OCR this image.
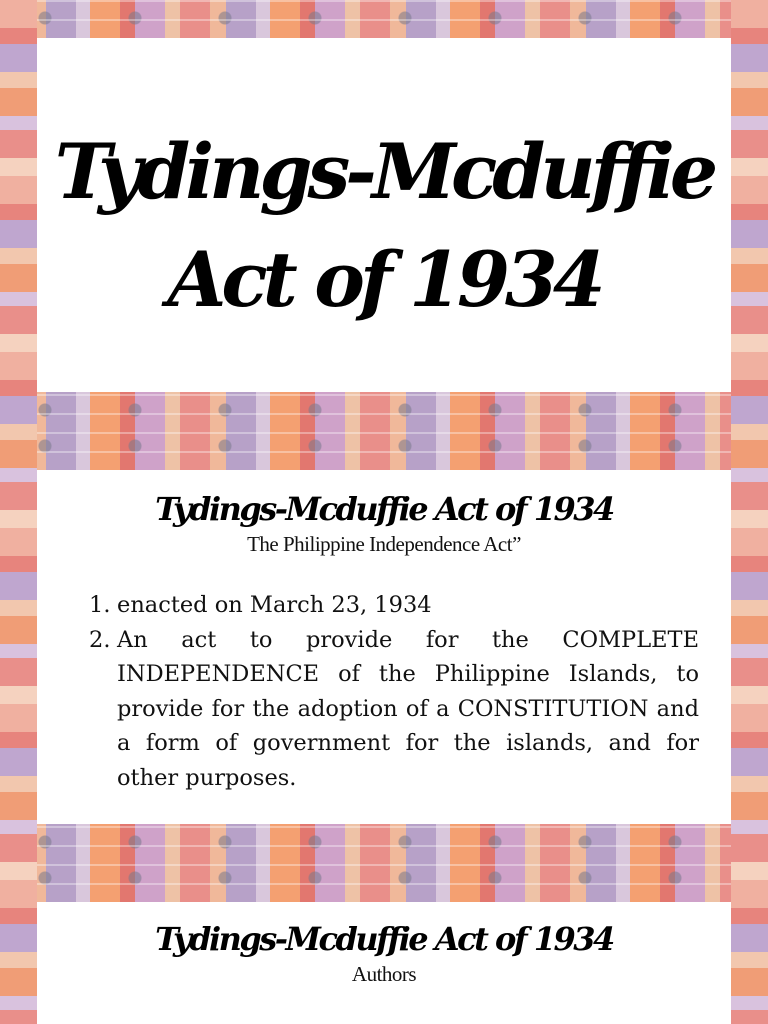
Tydings-Mcduffie
Act of 1934
Tydings-Mcduffie Act of 1934

The Philippine Independence Act”

1. enacted on March 23, 1934
2. An act to provide for the COMPLETE INDEPENDENCE of the Philippine Islands, to provide for the adoption of a CONSTITUTION and a form of government for the islands, and for other purposes.
Tydings-Mcduffie Act of 1934

Authors
